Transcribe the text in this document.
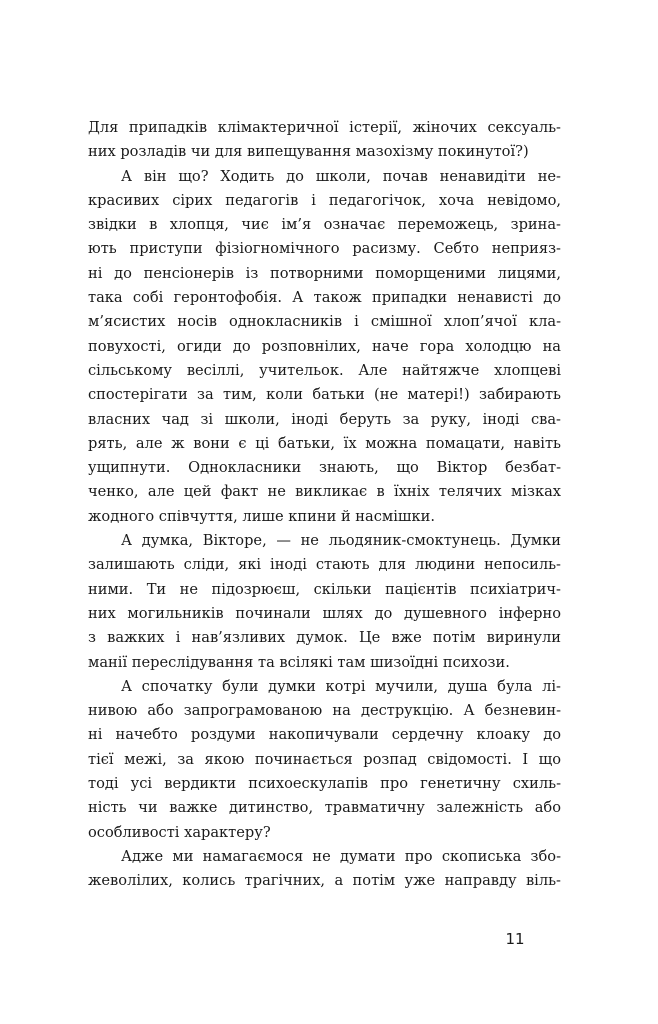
Для припадків клімактеричної істерії, жіночих сексуаль-
них розладів чи для випещування мазохізму покинутої?)
А він що? Ходить до школи, почав ненавидіти не-
красивих сірих педагогів і педагогічок, хоча невідомо,
звідки в хлопця, чиє ім’я означає переможець, зрина-
ють приступи фізіогномічного расизму. Себто неприяз-
ні до пенсіонерів із потворними поморщеними лицями,
така собі геронтофобія. А також припадки ненависті до
м’ясистих носів однокласників і смішної хлоп’ячої кла-
повухості, огиди до розповнілих, наче гора холодцю на
сільському весіллі, учительок. Але найтяжче хлопцеві
спостерігати за тим, коли батьки (не матері!) забирають
власних чад зі школи, іноді беруть за руку, іноді сва-
рять, але ж вони є ці батьки, їх можна помацати, навіть
ущипнути. Однокласники знають, що Віктор безбат-
ченко, але цей факт не викликає в їхніх телячих мізках
жодного співчуття, лише кпини й насмішки.
А думка, Вікторе, — не льодяник-смоктунець. Думки
залишають сліди, які іноді стають для людини непосиль-
ними. Ти не підозрюєш, скільки пацієнтів психіатрич-
них могильників починали шлях до душевного інферно
з важких і нав’язливих думок. Це вже потім виринули
манії переслідування та всілякі там шизоїдні психози.
А спочатку були думки котрі мучили, душа була лі-
нивою або запрограмованою на деструкцію. А безневин-
ні начебто роздуми накопичували сердечну клоаку до
тієї межі, за якою починається розпад свідомості. І що
тоді усі вердикти психоескулапів про генетичну схиль-
ність чи важке дитинство, травматичну залежність або
особливості характеру?
Адже ми намагаємося не думати про скописька збо-
жеволілих, колись трагічних, а потім уже направду віль-
11
